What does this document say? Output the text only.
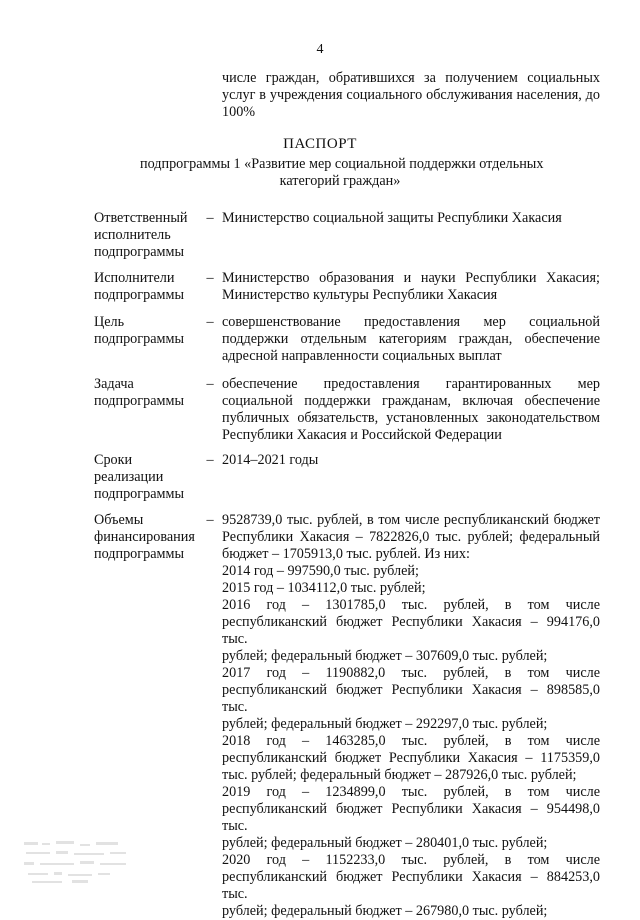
4
числе граждан, обратившихся за получением социальных
услуг в учреждения социального обслуживания населения, до
100%
ПАСПОРТ
подпрограммы 1 «Развитие мер социальной поддержки отдельных
категорий граждан»
Ответственный
исполнитель
подпрограммы
– Министерство социальной защиты Республики Хакасия
Исполнители
подпрограммы
– Министерство образования и науки Республики Хакасия;
Министерство культуры Республики Хакасия
Цель
подпрограммы
– совершенствование предоставления мер социальной
поддержки отдельным категориям граждан, обеспечение
адресной направленности социальных выплат
Задача
подпрограммы
– обеспечение предоставления гарантированных мер
социальной поддержки гражданам, включая обеспечение
публичных обязательств, установленных законодательством
Республики Хакасия и Российской Федерации
Сроки
реализации
подпрограммы
– 2014–2021 годы
Объемы
финансирования
подпрограммы
– 9528739,0 тыс. рублей, в том числе республиканский бюджет
Республики Хакасия – 7822826,0 тыс. рублей; федеральный
бюджет – 1705913,0 тыс. рублей. Из них:
2014 год – 997590,0 тыс. рублей;
2015 год – 1034112,0 тыс. рублей;
2016 год – 1301785,0 тыс. рублей, в том числе
республиканский бюджет Республики Хакасия – 994176,0 тыс.
рублей; федеральный бюджет – 307609,0 тыс. рублей;
2017 год – 1190882,0 тыс. рублей, в том числе
республиканский бюджет Республики Хакасия – 898585,0 тыс.
рублей; федеральный бюджет – 292297,0 тыс. рублей;
2018 год – 1463285,0 тыс. рублей, в том числе
республиканский бюджет Республики Хакасия – 1175359,0
тыс. рублей; федеральный бюджет – 287926,0 тыс. рублей;
2019 год – 1234899,0 тыс. рублей, в том числе
республиканский бюджет Республики Хакасия – 954498,0 тыс.
рублей; федеральный бюджет – 280401,0 тыс. рублей;
2020 год – 1152233,0 тыс. рублей, в том числе
республиканский бюджет Республики Хакасия – 884253,0 тыс.
рублей; федеральный бюджет – 267980,0 тыс. рублей;
